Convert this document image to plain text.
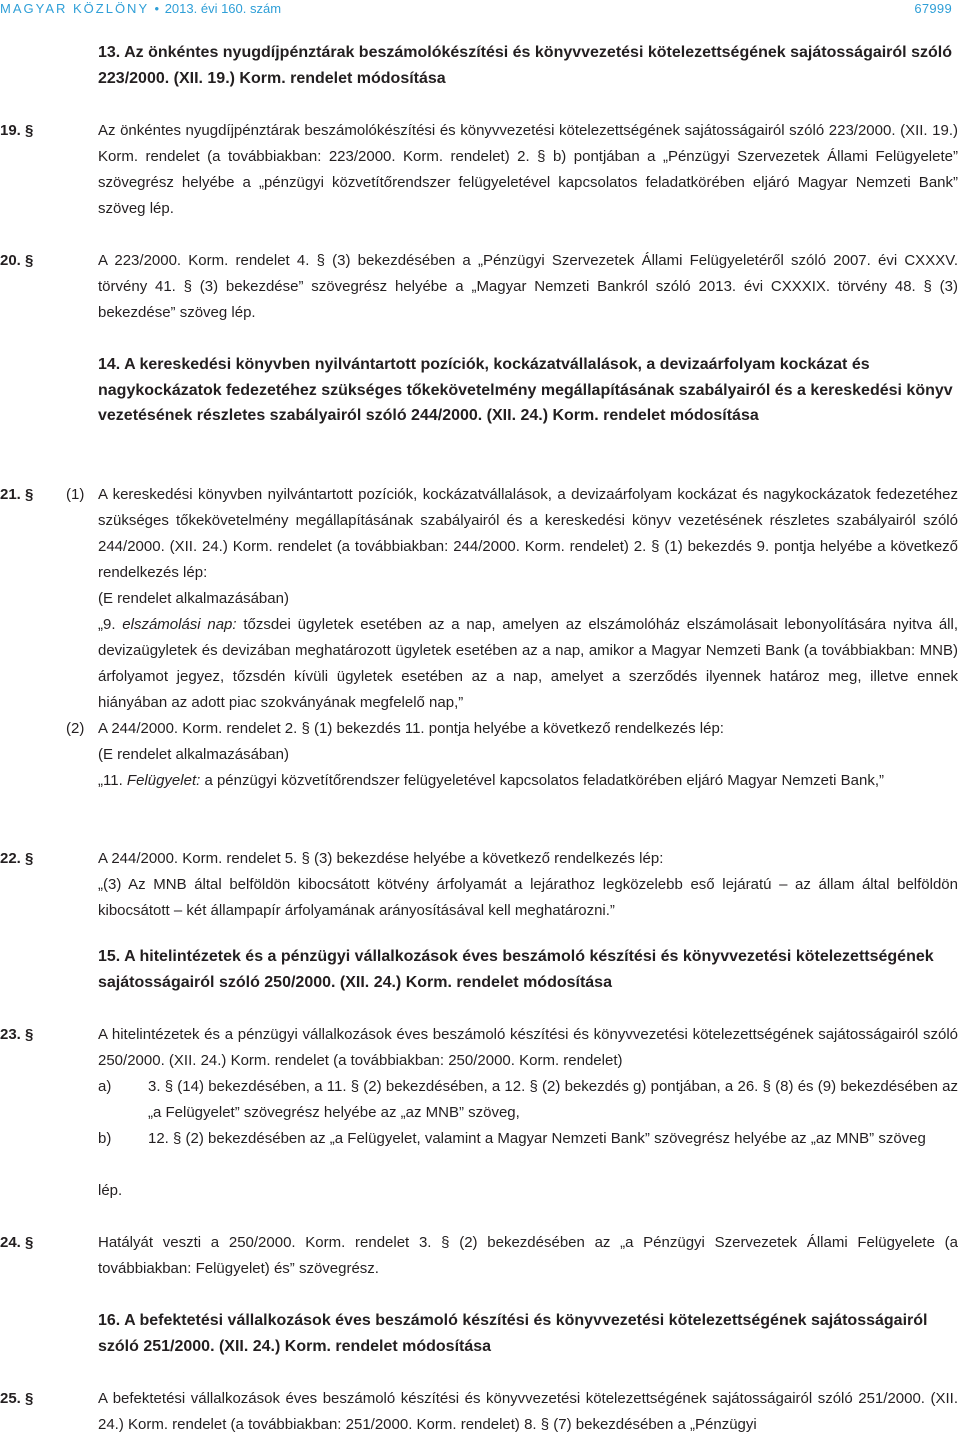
MAGYAR KÖZLÖNY • 2013. évi 160. szám	67999

13. Az önkéntes nyugdíjpénztárak beszámolókészítési és könyvvezetési kötelezettségének sajátosságairól szóló 223/2000. (XII. 19.) Korm. rendelet módosítása

19. §	Az önkéntes nyugdíjpénztárak beszámolókészítési és könyvvezetési kötelezettségének sajátosságairól szóló 223/2000. (XII. 19.) Korm. rendelet (a továbbiakban: 223/2000. Korm. rendelet) 2. § b) pontjában a „Pénzügyi Szervezetek Állami Felügyelete” szövegrész helyébe a „pénzügyi közvetítőrendszer felügyeletével kapcsolatos feladatkörében eljáró Magyar Nemzeti Bank” szöveg lép.

20. §	A 223/2000. Korm. rendelet 4. § (3) bekezdésében a „Pénzügyi Szervezetek Állami Felügyeletéről szóló 2007. évi CXXXV. törvény 41. § (3) bekezdése” szövegrész helyébe a „Magyar Nemzeti Bankról szóló 2013. évi CXXXIX. törvény 48. § (3) bekezdése” szöveg lép.

14. A kereskedési könyvben nyilvántartott pozíciók, kockázatvállalások, a devizaárfolyam kockázat és nagykockázatok fedezetéhez szükséges tőkekövetelmény megállapításának szabályairól és a kereskedési könyv vezetésének részletes szabályairól szóló 244/2000. (XII. 24.) Korm. rendelet módosítása

21. § (1) A kereskedési könyvben nyilvántartott pozíciók, kockázatvállalások, a devizaárfolyam kockázat és nagykockázatok fedezetéhez szükséges tőkekövetelmény megállapításának szabályairól és a kereskedési könyv vezetésének részletes szabályairól szóló 244/2000. (XII. 24.) Korm. rendelet (a továbbiakban: 244/2000. Korm. rendelet) 2. § (1) bekezdés 9. pontja helyébe a következő rendelkezés lép:

(E rendelet alkalmazásában)

„9. elszámolási nap: tőzsdei ügyletek esetében az a nap, amelyen az elszámolóház elszámolásait lebonyolítására nyitva áll, devizaügyletek és devizában meghatározott ügyletek esetében az a nap, amikor a Magyar Nemzeti Bank (a továbbiakban: MNB) árfolyamot jegyez, tőzsdén kívüli ügyletek esetében az a nap, amelyet a szerződés ilyennek határoz meg, illetve ennek hiányában az adott piac szokványának megfelelő nap,”

(2) A 244/2000. Korm. rendelet 2. § (1) bekezdés 11. pontja helyébe a következő rendelkezés lép:

(E rendelet alkalmazásában)

„11. Felügyelet: a pénzügyi közvetítőrendszer felügyeletével kapcsolatos feladatkörében eljáró Magyar Nemzeti Bank,”

22. §	A 244/2000. Korm. rendelet 5. § (3) bekezdése helyébe a következő rendelkezés lép:

„(3) Az MNB által belföldön kibocsátott kötvény árfolyamát a lejárathoz legközelebb eső lejáratú – az állam által belföldön kibocsátott – két állampapír árfolyamának arányosításával kell meghatározni.”

15. A hitelintézetek és a pénzügyi vállalkozások éves beszámoló készítési és könyvvezetési kötelezettségének sajátosságairól szóló 250/2000. (XII. 24.) Korm. rendelet módosítása

23. §	A hitelintézetek és a pénzügyi vállalkozások éves beszámoló készítési és könyvvezetési kötelezettségének sajátosságairól szóló 250/2000. (XII. 24.) Korm. rendelet (a továbbiakban: 250/2000. Korm. rendelet)

a) 3. § (14) bekezdésében, a 11. § (2) bekezdésében, a 12. § (2) bekezdés g) pontjában, a 26. § (8) és (9) bekezdésében az „a Felügyelet” szövegrész helyébe az „az MNB” szöveg,

b) 12. § (2) bekezdésében az „a Felügyelet, valamint a Magyar Nemzeti Bank” szövegrész helyébe az „az MNB” szöveg

lép.

24. §	Hatályát veszti a 250/2000. Korm. rendelet 3. § (2) bekezdésében az „a Pénzügyi Szervezetek Állami Felügyelete (a továbbiakban: Felügyelet) és” szövegrész.

16. A befektetési vállalkozások éves beszámoló készítési és könyvvezetési kötelezettségének sajátosságairól szóló 251/2000. (XII. 24.) Korm. rendelet módosítása

25. §	A befektetési vállalkozások éves beszámoló készítési és könyvvezetési kötelezettségének sajátosságairól szóló 251/2000. (XII. 24.) Korm. rendelet (a továbbiakban: 251/2000. Korm. rendelet) 8. § (7) bekezdésében a „Pénzügyi
